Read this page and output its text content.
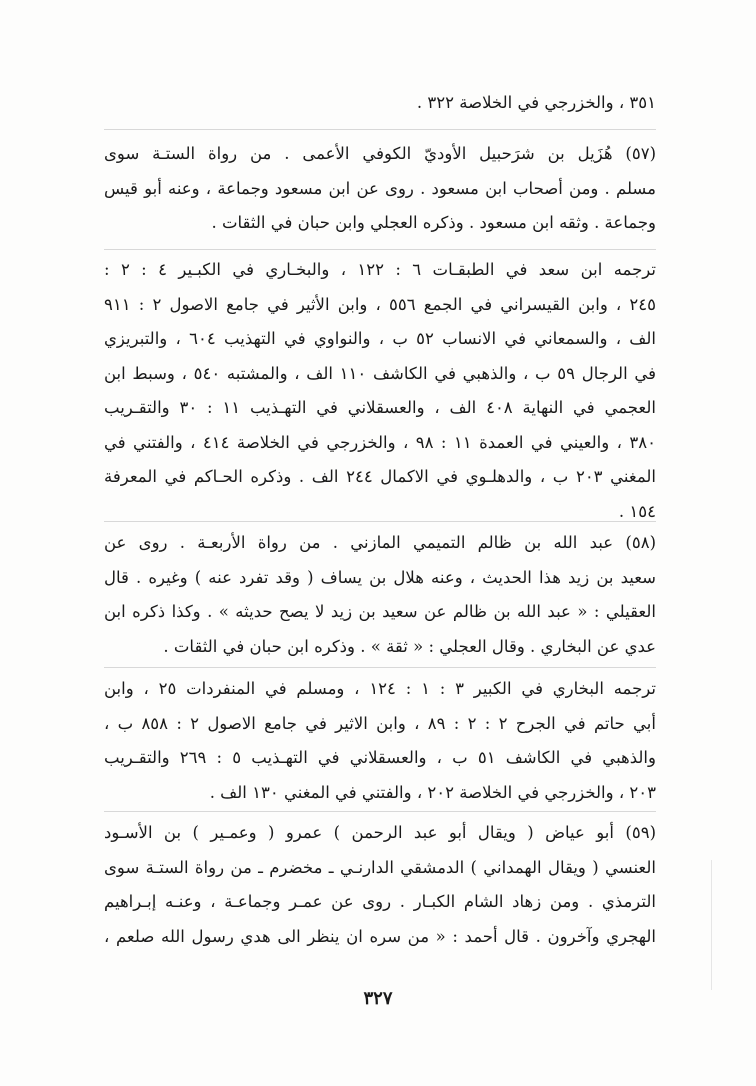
٣٥١ ، والخزرجي في الخلاصة ٣٢٢ .
(٥٧) هُزَيل بن شرَحبيل الأوديّ الكوفي الأعمى . من رواة الستـة سوى
مسلم . ومن أصحاب ابن مسعود . روى عن ابن مسعود وجماعة ، وعنه أبو قيس
وجماعة . وثقه ابن مسعود . وذكره العجلي وابن حبان في الثقات .
ترجمه ابن سعد في الطبقـات ٦ : ١٢٢ ، والبخـاري في الكبـير ٤ : ٢ :
٢٤٥ ، وابن القيسراني في الجمع ٥٥٦ ، وابن الأثير في جامع الاصول ٢ : ٩١١
الف ، والسمعاني في الانساب ٥٢ ب ، والنواوي في التهذيب ٦٠٤ ، والتبريزي
في الرجال ٥٩ ب ، والذهبي في الكاشف ١١٠ الف ، والمشتبه ٥٤٠ ، وسبط ابن
العجمي في النهاية ٤٠٨ الف ، والعسقلاني في التهـذيب ١١ : ٣٠ والتقـريب
٣٨٠ ، والعيني في العمدة ١١ : ٩٨ ، والخزرجي في الخلاصة ٤١٤ ، والفتني في
المغني ٢٠٣ ب ، والدهلـوي في الاكمال ٢٤٤ الف . وذكره الحـاكم في المعرفة
١٥٤ .
(٥٨) عبد الله بن ظالم التميمي المازني . من رواة الأربعـة . روى عن
سعيد بن زيد هذا الحديث ، وعنه هلال بن يساف ( وقد تفرد عنه ) وغيره . قال
العقيلي : « عبد الله بن ظالم عن سعيد بن زيد لا يصح حديثه » . وكذا ذكره ابن
عدي عن البخاري . وقال العجلي : « ثقة » . وذكره ابن حبان في الثقات .
ترجمه البخاري في الكبير ٣ : ١ : ١٢٤ ، ومسلم في المنفردات ٢٥ ، وابن
أبي حاتم في الجرح ٢ : ٢ : ٨٩ ، وابن الاثير في جامع الاصول ٢ : ٨٥٨ ب ،
والذهبي في الكاشف ٥١ ب ، والعسقلاني في التهـذيب ٥ : ٢٦٩ والتقـريب
٢٠٣ ، والخزرجي في الخلاصة ٢٠٢ ، والفتني في المغني ١٣٠ الف .
(٥٩) أبو عياض ( ويقال أبو عبد الرحمن ) عمرو ( وعمـير ) بن الأسـود
العنسي ( ويقال الهمداني ) الدمشقي الدارنـي ـ مخضرم ـ من رواة الستـة سوى
الترمذي . ومن زهاد الشام الكبـار . روى عن عمـر وجماعـة ، وعنـه إبـراهيم
الهجري وآخرون . قال أحمد : « من سره ان ينظر الى هدي رسول الله صلعم ،
٣٢٧
